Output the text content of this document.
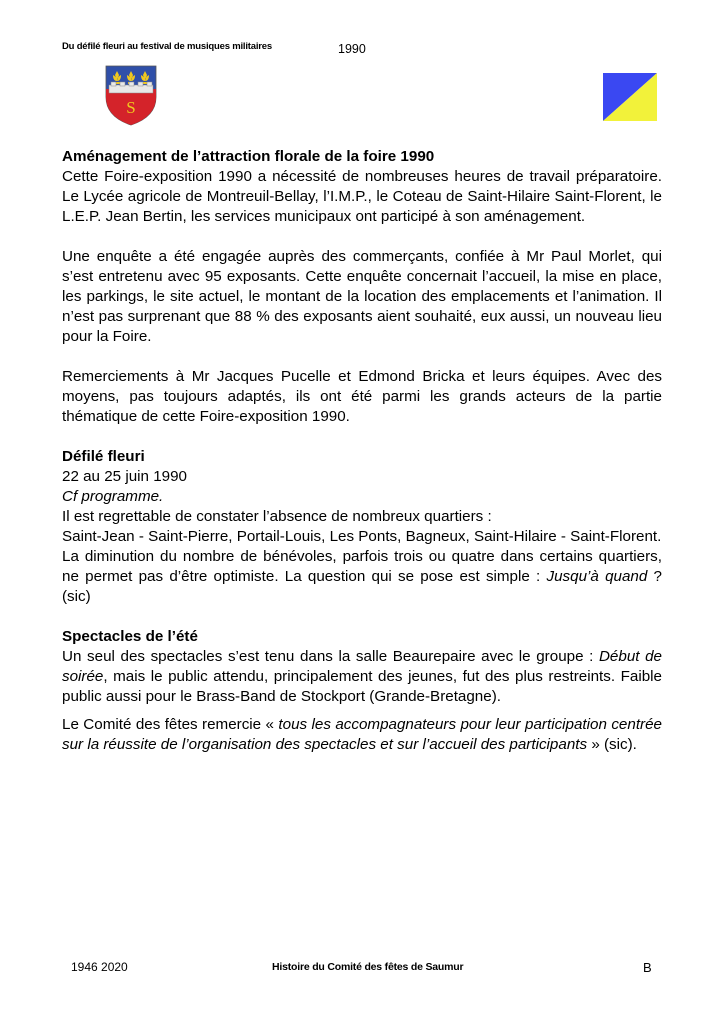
Du défilé fleuri au festival de musiques militaires	1990
S
Aménagement de l’attraction florale de la foire 1990
Cette Foire-exposition 1990 a nécessité de nombreuses heures de travail préparatoire. Le Lycée agricole de Montreuil-Bellay, l’I.M.P., le Coteau de Saint-Hilaire Saint-Florent, le L.E.P. Jean Bertin, les services municipaux ont participé à son aménagement.
Une enquête a été engagée auprès des commerçants, confiée à Mr Paul Morlet, qui s’est entretenu avec 95 exposants. Cette enquête concernait l’accueil, la mise en place, les parkings, le site actuel, le montant de la location des emplacements et l’animation. Il n’est pas surprenant que 88 % des exposants aient souhaité, eux aussi, un nouveau lieu pour la Foire.
Remerciements à Mr Jacques Pucelle et Edmond Bricka et leurs équipes. Avec des moyens, pas toujours adaptés, ils ont été parmi les grands acteurs de la partie thématique de cette Foire-exposition 1990.
Défilé fleuri
22 au 25 juin 1990
Cf programme.
Il est regrettable de constater l’absence de nombreux quartiers :
Saint-Jean - Saint-Pierre, Portail-Louis, Les Ponts, Bagneux, Saint-Hilaire - Saint-Florent.
La diminution du nombre de bénévoles, parfois trois ou quatre dans certains quartiers, ne permet pas d’être optimiste. La question qui se pose est simple : Jusqu’à quand ? (sic)
Spectacles de l’été
Un seul des spectacles s’est tenu dans la salle Beaurepaire avec le groupe : Début de soirée, mais le public attendu, principalement des jeunes, fut des plus restreints. Faible public aussi pour le Brass-Band de Stockport (Grande-Bretagne).
Le Comité des fêtes remercie « tous les accompagnateurs pour leur participation centrée sur la réussite de l’organisation des spectacles et sur l’accueil des participants » (sic).
1946 2020	Histoire du Comité des fêtes de Saumur	B
